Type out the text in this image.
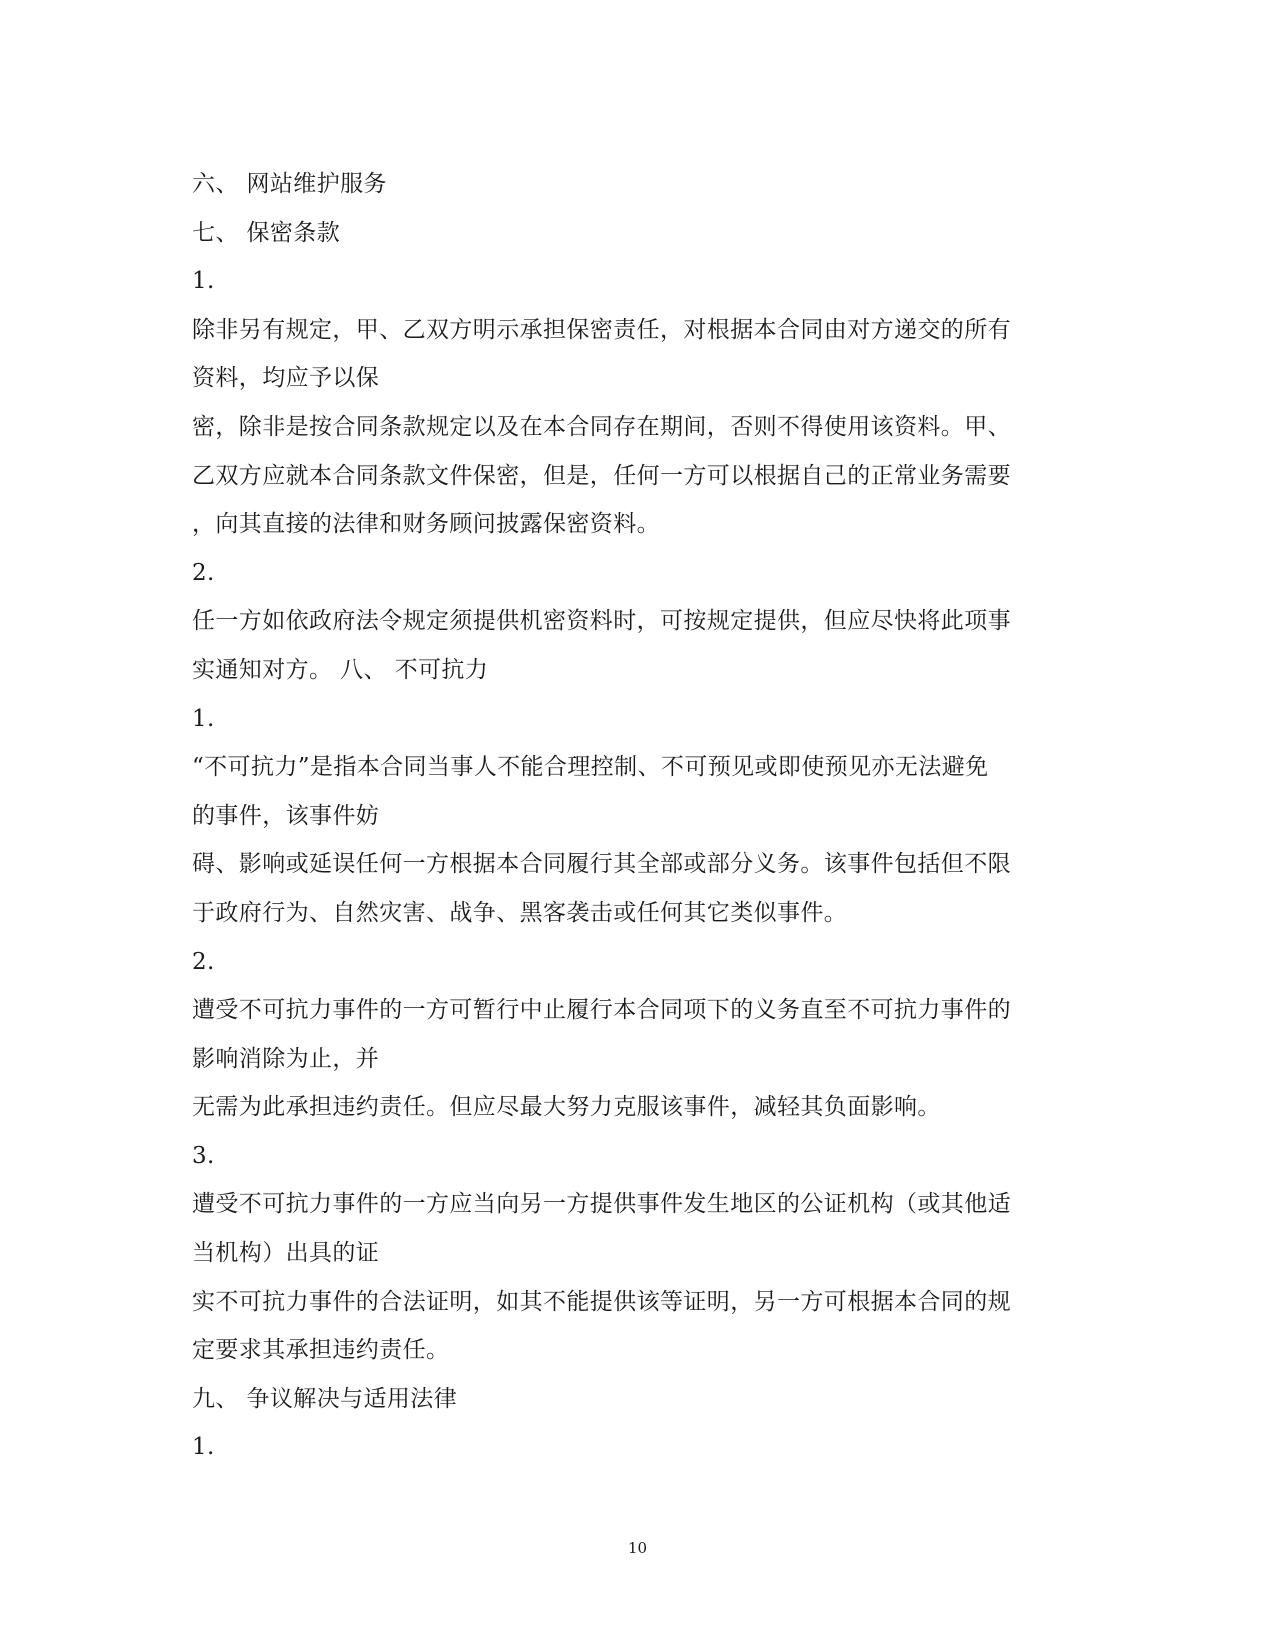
六、 网站维护服务
七、 保密条款
1.
除非另有规定，甲、乙双方明示承担保密责任，对根据本合同由对方递交的所有
资料，均应予以保
密，除非是按合同条款规定以及在本合同存在期间，否则不得使用该资料。甲、
乙双方应就本合同条款文件保密，但是，任何一方可以根据自己的正常业务需要
，向其直接的法律和财务顾问披露保密资料。
2.
任一方如依政府法令规定须提供机密资料时，可按规定提供，但应尽快将此项事
实通知对方。 八、 不可抗力
1.
“不可抗力”是指本合同当事人不能合理控制、不可预见或即使预见亦无法避免
的事件，该事件妨
碍、影响或延误任何一方根据本合同履行其全部或部分义务。该事件包括但不限
于政府行为、自然灾害、战争、黑客袭击或任何其它类似事件。
2.
遭受不可抗力事件的一方可暂行中止履行本合同项下的义务直至不可抗力事件的
影响消除为止，并
无需为此承担违约责任。但应尽最大努力克服该事件，减轻其负面影响。
3.
遭受不可抗力事件的一方应当向另一方提供事件发生地区的公证机构（或其他适
当机构）出具的证
实不可抗力事件的合法证明，如其不能提供该等证明，另一方可根据本合同的规
定要求其承担违约责任。
九、 争议解决与适用法律
1.
10
